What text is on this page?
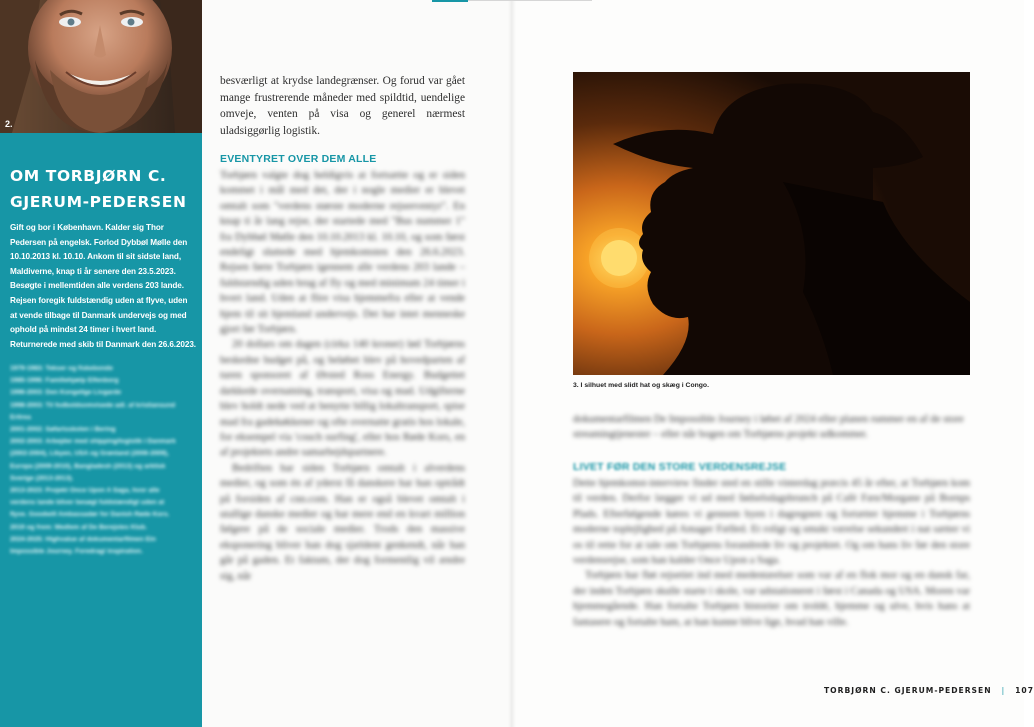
2.
OM TORBJØRN C. GJERUM-PEDERSEN
Gift og bor i København. Kalder sig Thor Pedersen på engelsk. Forlod Dybbøl Mølle den 10.10.2013 kl. 10.10. Ankom til sit sidste land, Maldiverne, knap ti år senere den 23.5.2023. Besøgte i mellemtiden alle verdens 203 lande. Rejsen foregik fuldstændig uden at flyve, uden at vende tilbage til Danmark undervejs og med ophold på mindst 24 timer i hvert land. Returnerede med skib til Danmark den 26.6.2023.
1979-1983: Tekser og fiskebonde
1985-1996: Familiehjælp Elfenborg
1996-2003: Den Kongelige Livgarde
1998-2003: Til fodboldsomvisede adl. af kristiansund
Eritrea
2001-2002: Søfartsskolen i Bering
2002-2003: Arbejder med shipping/logistik i Danmark
(2002-2004), Libyen, USA og Grønland (2006-2009),
Europa (2009-2010), Bangladesh (2013) og arktisk
Sverige (2013-2013).
2013-2023: Projekt Once Upon A Saga, hvor alle
verdens lande bliver besøgt fuldstændigt uden at
flyve. Goodwill Ambassadør for Danish Røde Kors.
2019 og frem: Medlem af De Berejstes Klub.
2024-2025: Highvalue af dokumentarfilmen Ein
Impossible Journey. Foredrag/ inspiration.

besværligt at krydse landegrænser. Og forud var gået mange frustrerende måneder med spildtid, uendelige omveje, venten på visa og generel nærmest uladsiggørlig logistik.

EVENTYRET OVER DEM ALLE

Torbjørn valgte dog heldigvis at fortsætte og er siden kommet i mål med det, der i nogle medier er blevet omtalt som "verdens største moderne rejseeventyr". En knap ti år lang rejse, der startede med "Bus nummer 1" fra Dybbøl Mølle den 10.10.2013 kl. 10.10, og som først endeligt sluttede med hjemkomsten den 26.6.2023. Rejsen førte Torbjørn igennem alle verdens 203 lande – fuldstændig uden brug af fly og med minimum 24 timer i hvert land. Uden at flire visa hjemmefra eller at vende hjem til sit hjemland undervejs. Det har intet menneske gjort før Torbjørn.

20 dollars om dagen (cirka 140 kroner) lød Torbjørns beskedne budget på, og beløbet blev på hovedparten af turen sponsoret af Ørsted Ross Energy. Budgettet dækkede overnatning, transport, visa og mad. Udgifterne blev holdt nede ved at benytte billig lokaltransport, spise mad fra gadekøkkener og ofte overnatte gratis hos lokale, for eksempel via 'couch surfing', eller hos Røde Kors, en af projektets andre samarbejdspartnere.

Bedriften har siden Torbjørn omtalt i alverdens medier, og som én af yderst få danskere har han optrådt på forsiden af cnn.com. Han er også blevet omtalt i utallige danske medier og har mere end en kvart million følgere på de sociale medier. Trods den massive eksponering bliver han dog sjældent genkendt, når han går på gaden. Et faktum, der dog formentlig vil ændre sig, når

3. I silhuet med slidt hat og skæg i Congo.

dokumentarfilmen De Impossible Journey i løbet af 2024 eller planen rummer en af de store streamingtjenester – eller når bogen om Torbjørns projekt udkommer.

LIVET FØR DEN STORE VERDENSREJSE

Dette hjemkomst-interview finder sted en stille vinterdag præcis 45 år efter, at Torbjørn kom til verden. Derfor lægger vi ud med fødselsdagsbrunch på Café Fæn/Morgane på Bornps Plads. Efterfølgende køres vi gennem byen i dagregnen og fortætter hjemme i Torbjørns moderne toplejlighed på Amager Fælled. Et roligt og smukt værelse sekundert i nat sætter vi os til rette for at tale om Torbjørns forandrede liv og projektet. Og om hans liv før den store verdensrejse, som han kalder Once Upon a Saga.

Torbjørn har fløt rejsetiet ind med medentæelser som var af en flok mor og en dansk far, der inden Torbjørn skulle starte i skole, var udstationeret i først i Canada og USA. Moren var hjemmegående. Han fortalte Torbjørn historier om troldé, hjemme og ulve, hvis hans at fantasere og fortalte ham, at han kunne blive lige, hvad han ville.

TORBJØRN C. GJERUM-PEDERSEN | 107
